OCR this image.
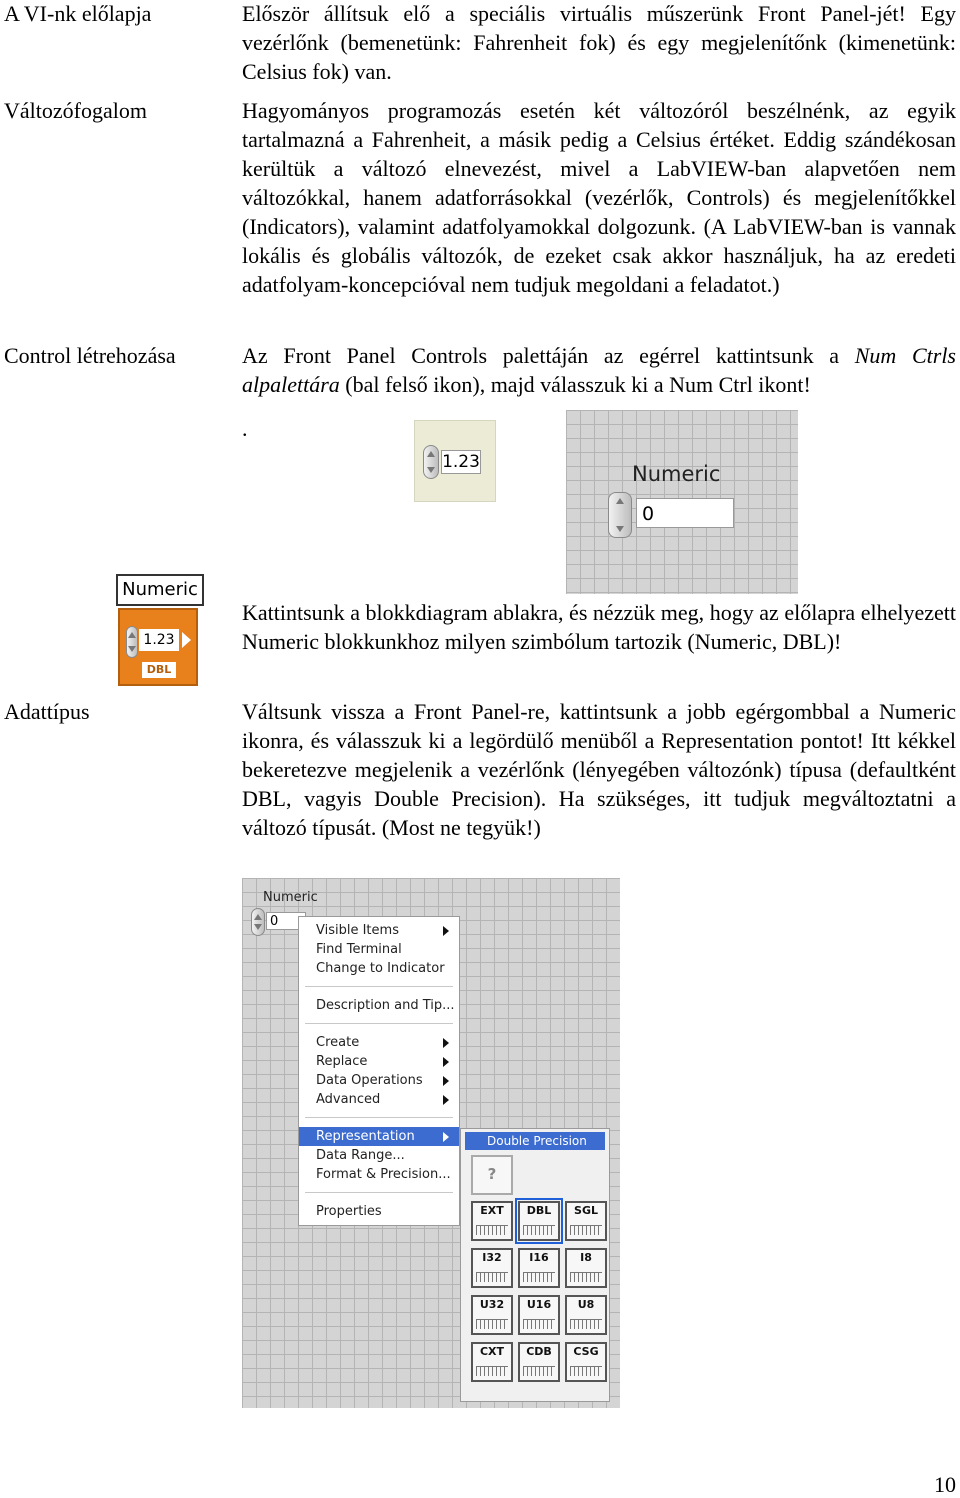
A VI-nk előlapja
Változófogalom
Control létrehozása
Adattípus
Először állítsuk elő a speciális virtuális műszerünk Front Panel-jét! Egy vezérlőnk (bemenetünk: Fahrenheit fok) és egy megjelenítőnk (kimenetünk: Celsius fok) van.
Hagyományos programozás esetén két változóról beszélnénk, az egyik tartalmazná a Fahrenheit, a másik pedig a Celsius értéket. Eddig szándékosan kerültük a változó elnevezést, mivel a LabVIEW-ban alapvetően nem változókkal, hanem adatforrásokkal (vezérlők, Controls) és megjelenítőkkel (Indicators), valamint adatfolyamokkal dolgozunk. (A LabVIEW-ban is vannak lokális és globális változók, de ezeket csak akkor használjuk, ha az eredeti adatfolyam-koncepcióval nem tudjuk megoldani a feladatot.)
Az Front Panel Controls palettáján az egérrel kattintsunk a Num Ctrls alpalettára (bal felső ikon), majd válasszuk ki a Num Ctrl ikont!
.
1.23	Numeric
0
Numeric
1.23
DBL
Kattintsunk a blokkdiagram ablakra, és nézzük meg, hogy az előlapra elhelyezett Numeric blokkunkhoz milyen szimbólum tartozik (Numeric, DBL)!
Váltsunk vissza a Front Panel-re, kattintsunk a jobb egérgombbal a Numeric ikonra, és válasszuk ki a legördülő menüből a Representation pontot! Itt kékkel bekeretezve megjelenik a vezérlőnk (lényegében változónk) típusa (defaultként DBL, vagyis Double Precision). Ha szükséges, itt tudjuk megváltoztatni a változó típusát. (Most ne tegyük!)
Numeric
0
Visible Items
Find Terminal
Change to Indicator
Description and Tip...
Create
Replace
Data Operations
Advanced
Representation
Data Range...
Format & Precision...
Properties
Double Precision
?
EXT	DBL	SGL
I32	I16	I8
U32	U16	U8
CXT	CDB	CSG
10
